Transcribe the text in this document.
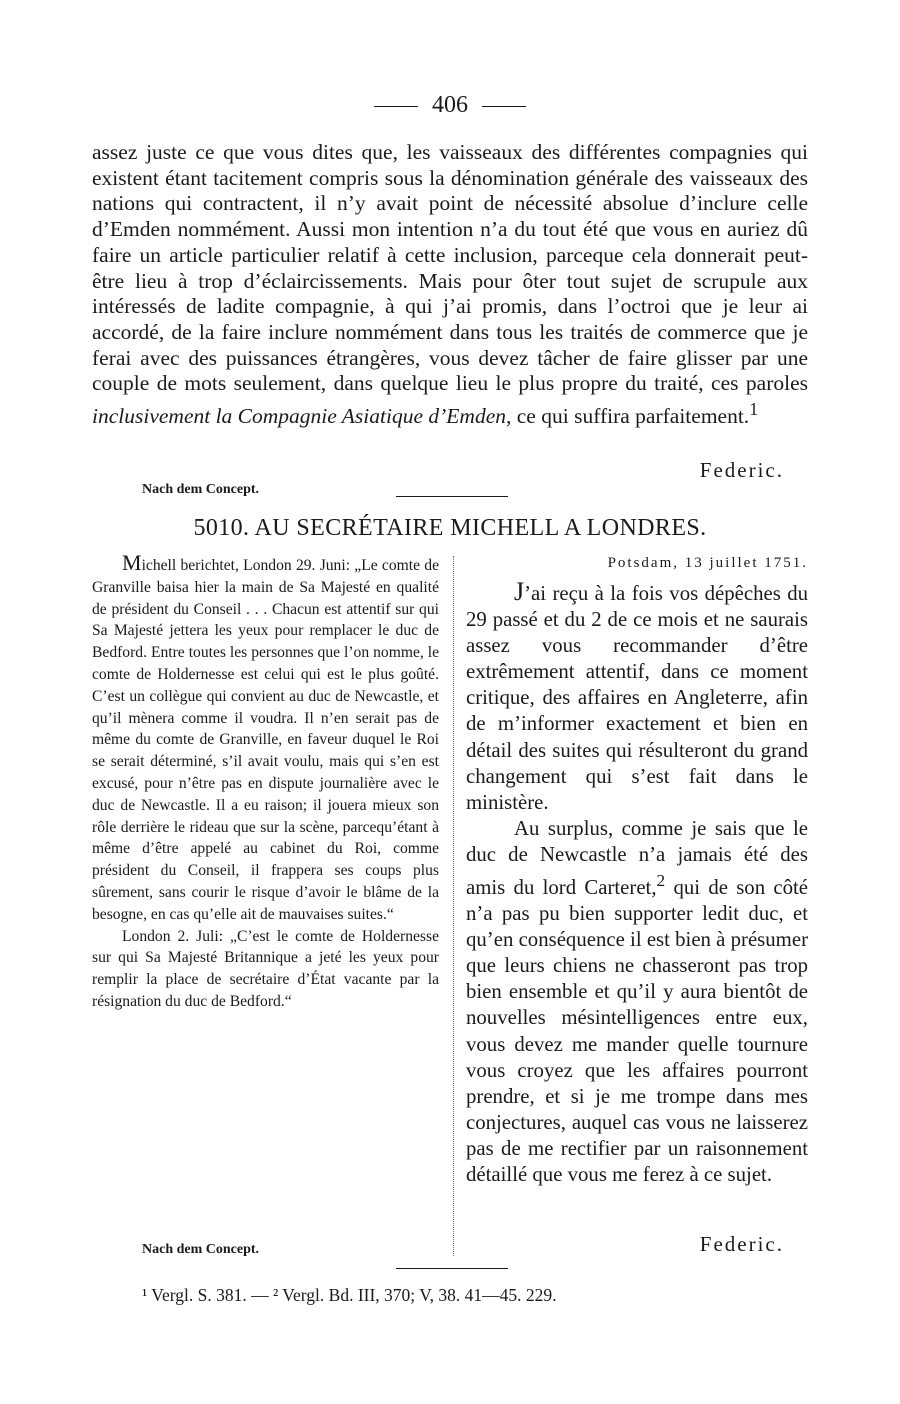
406

assez juste ce que vous dites que, les vaisseaux des différentes compagnies qui existent étant tacitement compris sous la dénomination générale des vaisseaux des nations qui contractent, il n’y avait point de nécessité absolue d’inclure celle d’Emden nommément. Aussi mon intention n’a du tout été que vous en auriez dû faire un article particulier relatif à cette inclusion, parceque cela donnerait peut-être lieu à trop d’éclaircissements. Mais pour ôter tout sujet de scrupule aux intéressés de ladite compagnie, à qui j’ai promis, dans l’octroi que je leur ai accordé, de la faire inclure nommément dans tous les traités de commerce que je ferai avec des puissances étrangères, vous devez tâcher de faire glisser par une couple de mots seulement, dans quelque lieu le plus propre du traité, ces paroles inclusivement la Compagnie Asiatique d’Emden, ce qui suffira parfaitement.$^1$

Federic.
Nach dem Concept.
5010. AU SECRÉTAIRE MICHELL A LONDRES.

Michell berichtet, London 29. Juni: „Le comte de Granville baisa hier la main de Sa Majesté en qualité de président du Conseil . . . Chacun est attentif sur qui Sa Majesté jettera les yeux pour remplacer le duc de Bedford. Entre toutes les personnes que l’on nomme, le comte de Holdernesse est celui qui est le plus goûté. C’est un collègue qui convient au duc de Newcastle, et qu’il mènera comme il voudra. Il n’en serait pas de même du comte de Granville, en faveur duquel le Roi se serait déterminé, s’il avait voulu, mais qui s’en est excusé, pour n’être pas en dispute journalière avec le duc de Newcastle. Il a eu raison; il jouera mieux son rôle derrière le rideau que sur la scène, parcequ’étant à même d’être appelé au cabinet du Roi, comme président du Conseil, il frappera ses coups plus sûrement, sans courir le risque d’avoir le blâme de la besogne, en cas qu’elle ait de mauvaises suites.“

London 2. Juli: „C’est le comte de Holdernesse sur qui Sa Majesté Britannique a jeté les yeux pour remplir la place de secrétaire d’État vacante par la résignation du duc de Bedford.“

Nach dem Concept.

Potsdam, 13 juillet 1751.

J’ai reçu à la fois vos dépêches du 29 passé et du 2 de ce mois et ne saurais assez vous recommander d’être extrêmement attentif, dans ce moment critique, des affaires en Angleterre, afin de m’informer exactement et bien en détail des suites qui résulteront du grand changement qui s’est fait dans le ministère.

Au surplus, comme je sais que le duc de Newcastle n’a jamais été des amis du lord Carteret,$^2$ qui de son côté n’a pas pu bien supporter ledit duc, et qu’en conséquence il est bien à présumer que leurs chiens ne chasseront pas trop bien ensemble et qu’il y aura bientôt de nouvelles mésintelligences entre eux, vous devez me mander quelle tournure vous croyez que les affaires pourront prendre, et si je me trompe dans mes conjectures, auquel cas vous ne laisserez pas de me rectifier par un raisonnement détaillé que vous me ferez à ce sujet.

Federic.
¹ Vergl. S. 381. — ² Vergl. Bd. III, 370; V, 38. 41—45. 229.
